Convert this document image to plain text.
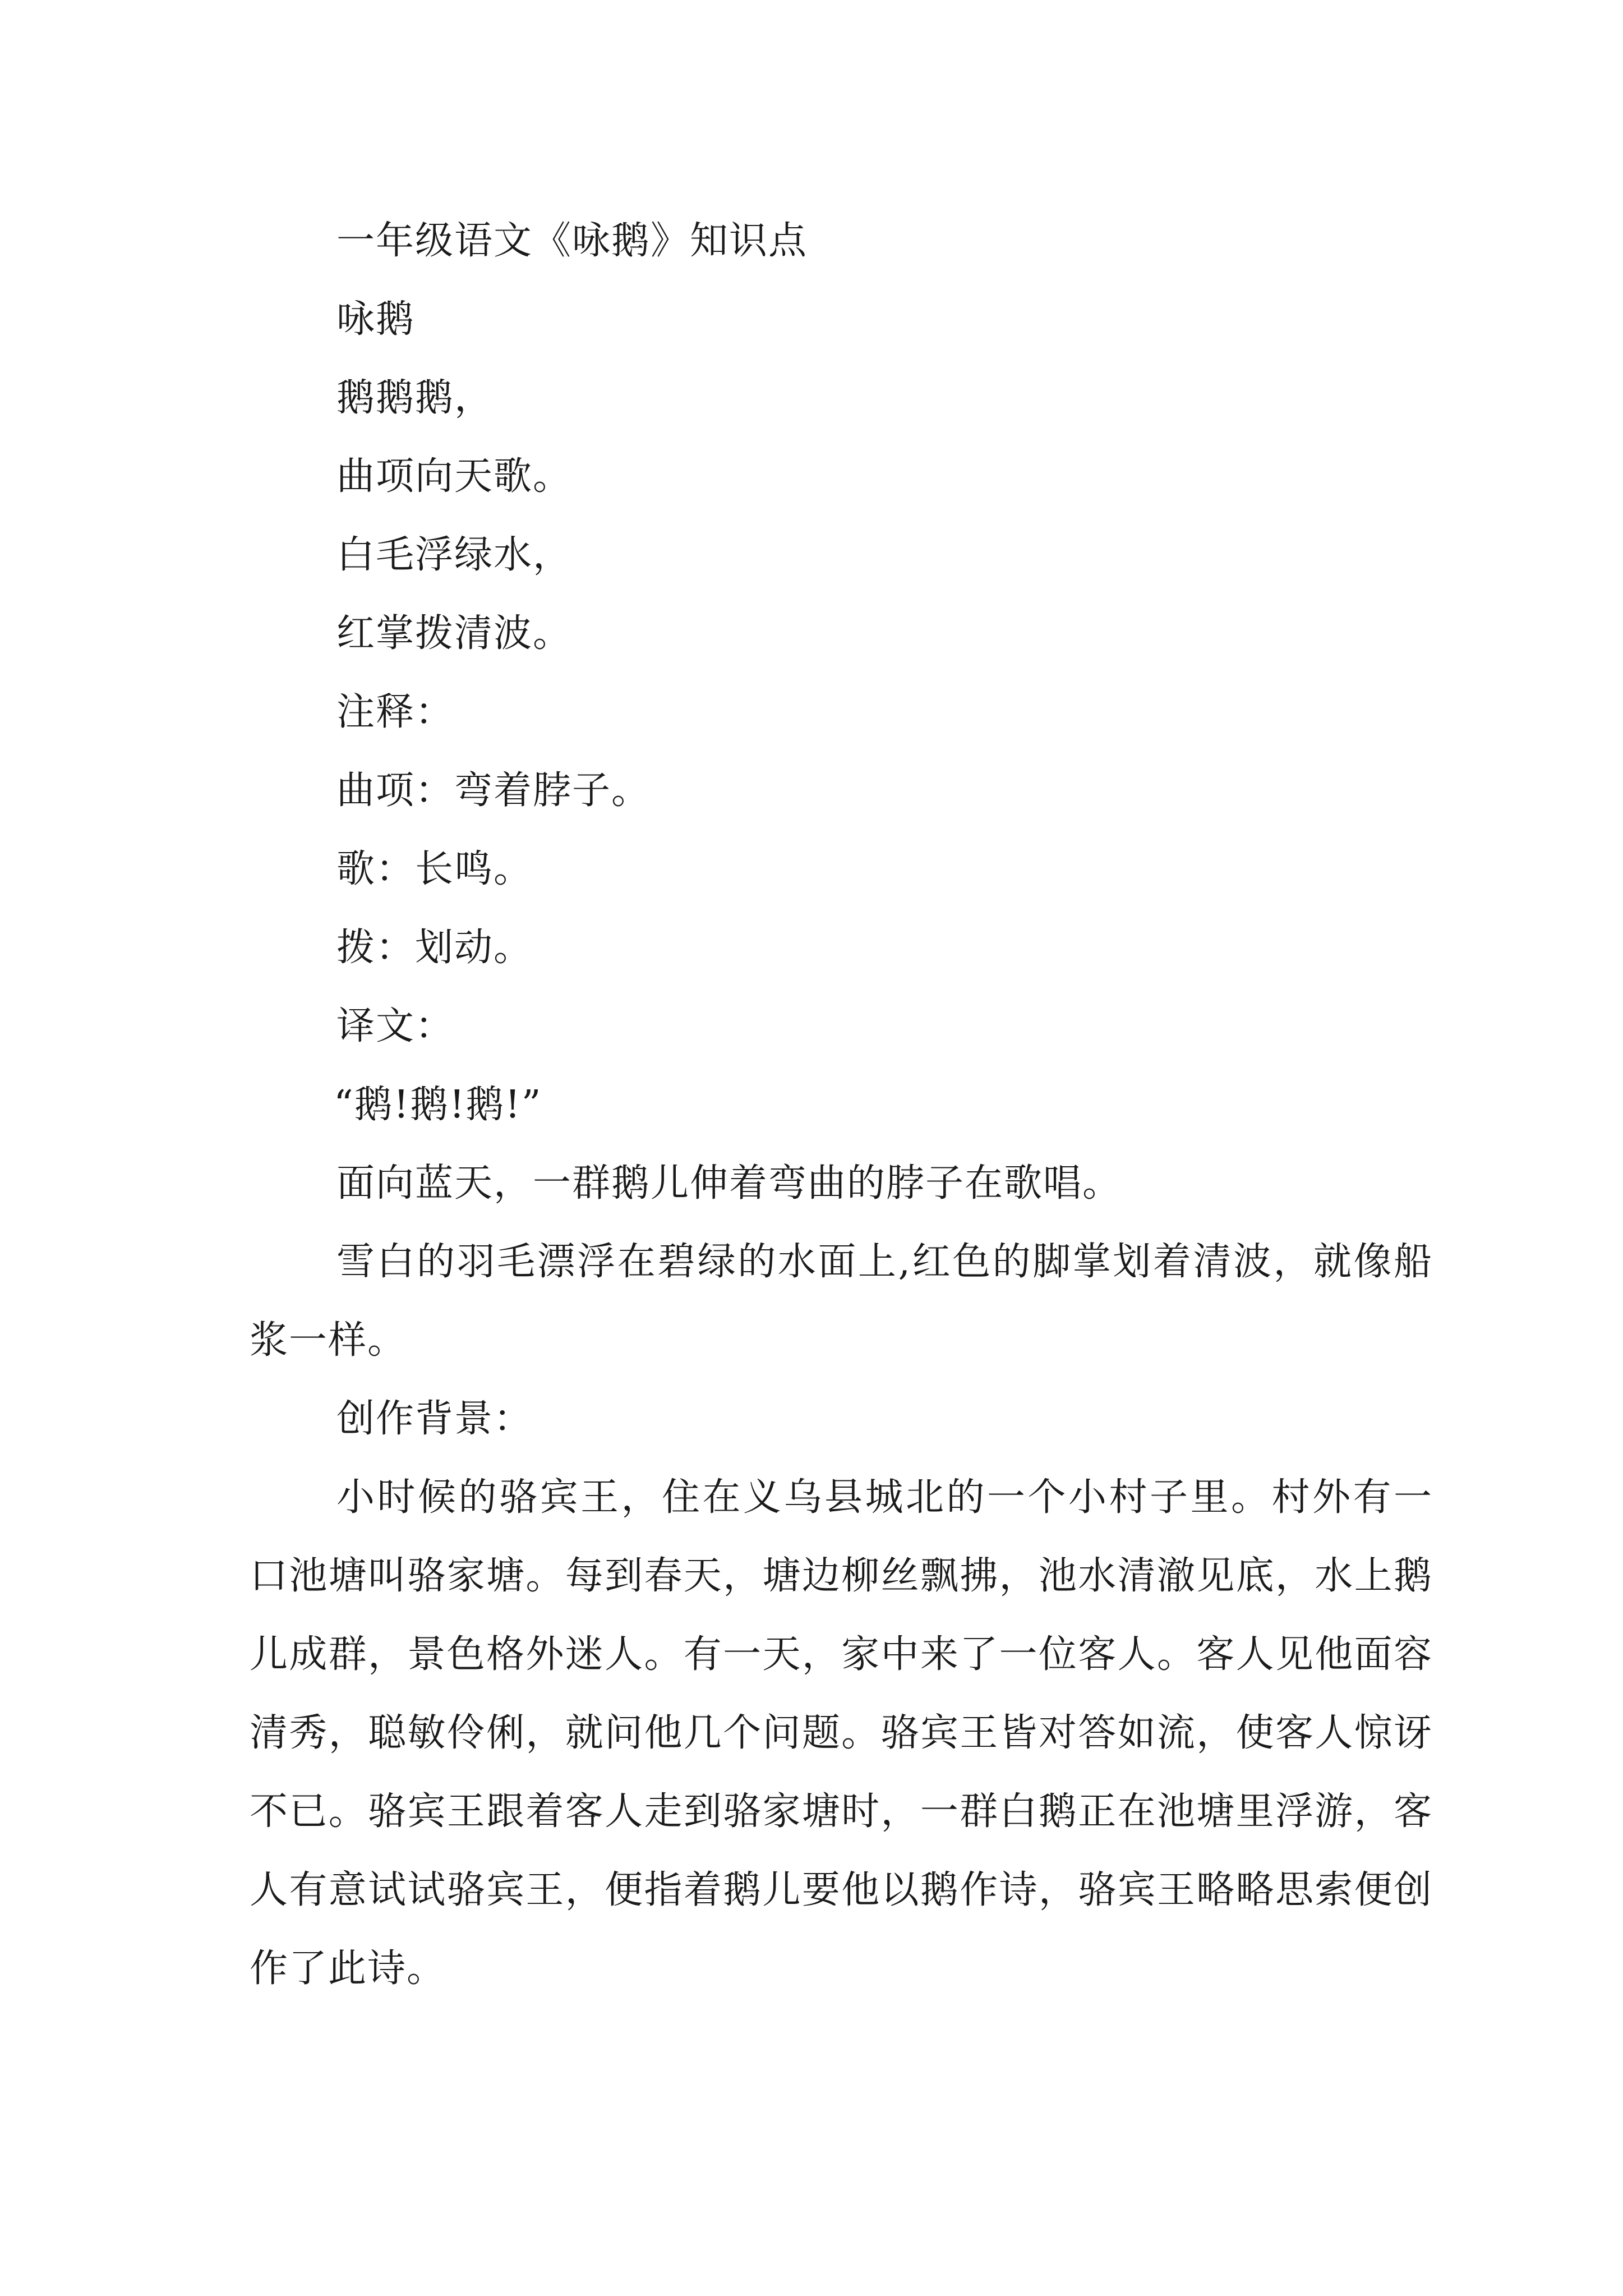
一年级语文《咏鹅》知识点

咏鹅

鹅鹅鹅，

曲项向天歌。

白毛浮绿水，

红掌拨清波。

注释：

曲项：弯着脖子。

歌：长鸣。

拨：划动。

译文：

“鹅!鹅!鹅!”

面向蓝天，一群鹅儿伸着弯曲的脖子在歌唱。

雪白的羽毛漂浮在碧绿的水面上,红色的脚掌划着清波，就像船浆一样。

创作背景：

小时候的骆宾王，住在义乌县城北的一个小村子里。村外有一口池塘叫骆家塘。每到春天，塘边柳丝飘拂，池水清澈见底，水上鹅儿成群，景色格外迷人。有一天，家中来了一位客人。客人见他面容清秀，聪敏伶俐，就问他几个问题。骆宾王皆对答如流，使客人惊讶不已。骆宾王跟着客人走到骆家塘时，一群白鹅正在池塘里浮游，客人有意试试骆宾王，便指着鹅儿要他以鹅作诗，骆宾王略略思索便创作了此诗。
